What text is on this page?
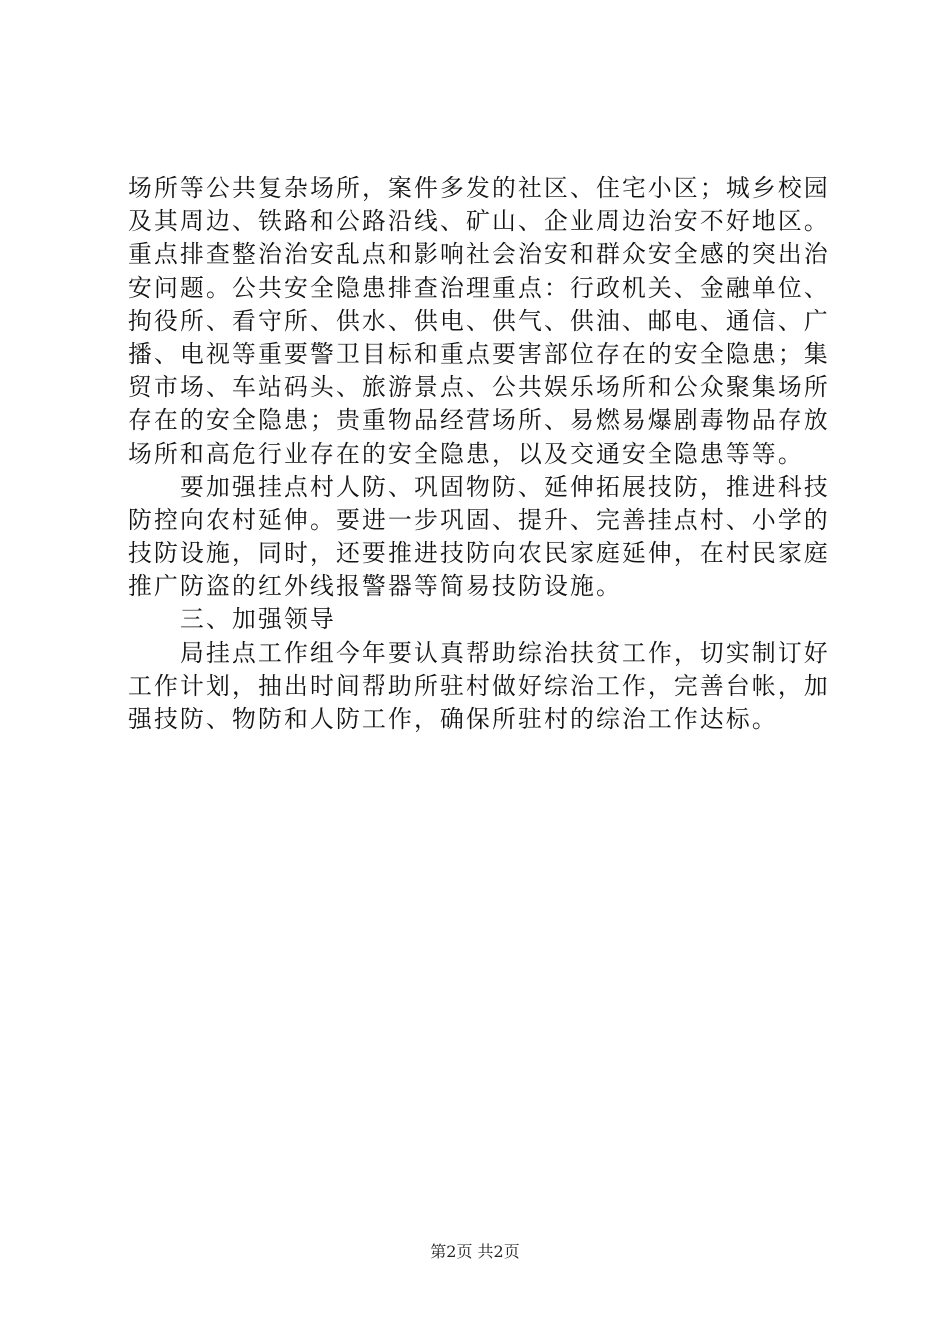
场所等公共复杂场所，案件多发的社区、住宅小区；城乡校园
及其周边、铁路和公路沿线、矿山、企业周边治安不好地区。
重点排查整治治安乱点和影响社会治安和群众安全感的突出治
安问题。公共安全隐患排查治理重点：行政机关、金融单位、
拘役所、看守所、供水、供电、供气、供油、邮电、通信、广
播、电视等重要警卫目标和重点要害部位存在的安全隐患；集
贸市场、车站码头、旅游景点、公共娱乐场所和公众聚集场所
存在的安全隐患；贵重物品经营场所、易燃易爆剧毒物品存放
场所和高危行业存在的安全隐患，以及交通安全隐患等等。
要加强挂点村人防、巩固物防、延伸拓展技防，推进科技
防控向农村延伸。要进一步巩固、提升、完善挂点村、小学的
技防设施，同时，还要推进技防向农民家庭延伸，在村民家庭
推广防盗的红外线报警器等简易技防设施。
三、加强领导
局挂点工作组今年要认真帮助综治扶贫工作，切实制订好
工作计划，抽出时间帮助所驻村做好综治工作，完善台帐，加
强技防、物防和人防工作，确保所驻村的综治工作达标。
第2页 共2页
